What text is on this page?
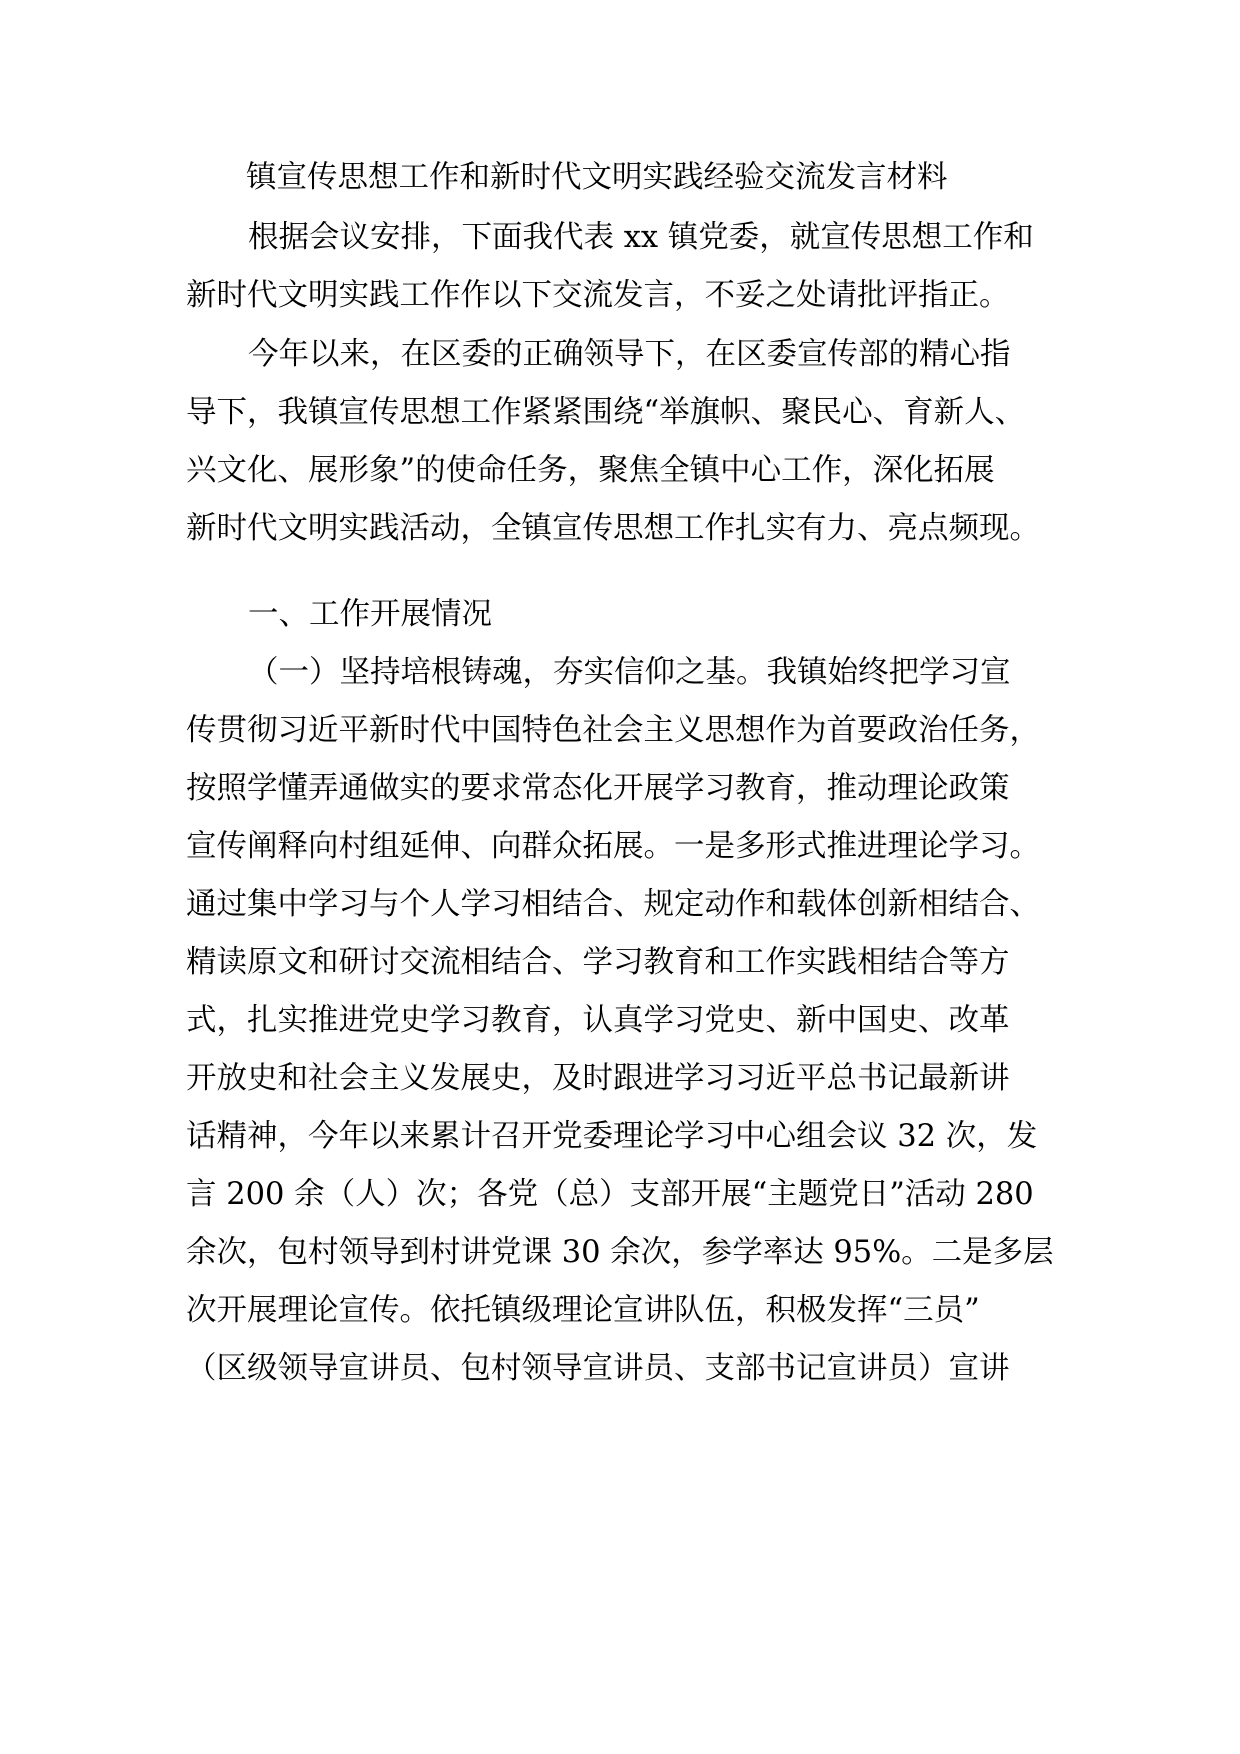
镇宣传思想工作和新时代文明实践经验交流发言材料

根据会议安排，下面我代表 xx 镇党委，就宣传思想工作和

新时代文明实践工作作以下交流发言，不妥之处请批评指正。

今年以来，在区委的正确领导下，在区委宣传部的精心指

导下，我镇宣传思想工作紧紧围绕“举旗帜、聚民心、育新人、

兴文化、展形象”的使命任务，聚焦全镇中心工作，深化拓展

新时代文明实践活动，全镇宣传思想工作扎实有力、亮点频现。

一、工作开展情况

（一）坚持培根铸魂，夯实信仰之基。我镇始终把学习宣

传贯彻习近平新时代中国特色社会主义思想作为首要政治任务，

按照学懂弄通做实的要求常态化开展学习教育，推动理论政策

宣传阐释向村组延伸、向群众拓展。一是多形式推进理论学习。

通过集中学习与个人学习相结合、规定动作和载体创新相结合、

精读原文和研讨交流相结合、学习教育和工作实践相结合等方

式，扎实推进党史学习教育，认真学习党史、新中国史、改革

开放史和社会主义发展史，及时跟进学习习近平总书记最新讲

话精神，今年以来累计召开党委理论学习中心组会议 32 次，发

言 200 余（人）次；各党（总）支部开展“主题党日”活动 280

余次，包村领导到村讲党课 30 余次，参学率达 95%。二是多层

次开展理论宣传。依托镇级理论宣讲队伍，积极发挥“三员”

（区级领导宣讲员、包村领导宣讲员、支部书记宣讲员）宣讲
